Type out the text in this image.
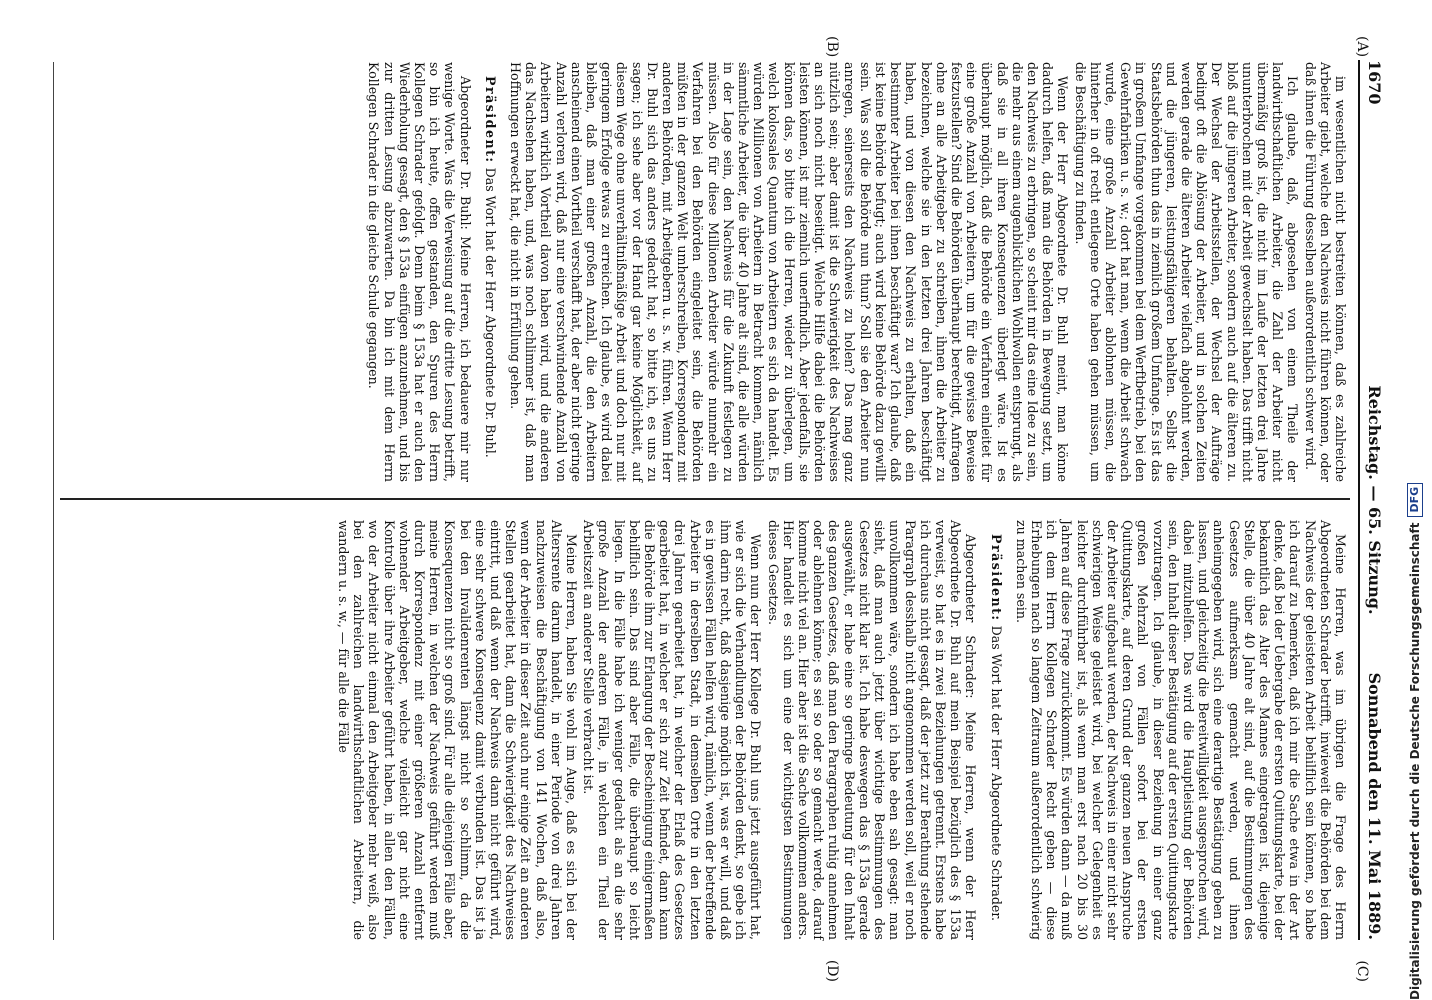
1670
Reichstag. — 65. Sitzung.
Sonnabend den 11. Mai 1889.
(A)
(B)
(C)
(D)

im wesentlichen nicht bestreiten können, daß es zahlreiche Arbeiter giebt, welche den Nachweis nicht führen können, oder daß ihnen die Führung desselben außerordentlich schwer wird.

Ich glaube, daß, abgesehen von einem Theile der landwirthschaftlichen Arbeiter, die Zahl der Arbeiter nicht übermäßig groß ist, die nicht im Laufe der letzten drei Jahre ununterbrochen mit der Arbeit gewechselt haben. Das trifft nicht bloß auf die jüngeren Arbeiter, sondern auch auf die älteren zu. Der Wechsel der Arbeitsstellen, der Wechsel der Aufträge bedingt oft die Ablösung der Arbeiter, und in solchen Zeiten werden gerade die älteren Arbeiter vielfach abgelohnt werden, und die jüngeren, leistungsfähigeren behalten. Selbst die Staatsbehörden thun das in ziemlich großem Umfange. Es ist das in großem Umfange vorgekommen bei dem Werftbetrieb, bei den Gewehrfabriken u. s. w.; dort hat man, wenn die Arbeit schwach wurde, eine große Anzahl Arbeiter ablohnen müssen, die hinterher in oft recht entlegene Orte haben gehen müssen, um die Beschäftigung zu finden.

Wenn der Herr Abgeordnete Dr. Buhl meint, man könne dadurch helfen, daß man die Behörden in Bewegung setzt, um den Nachweis zu erbringen, so scheint mir das eine Idee zu sein, die mehr aus einem augenblicklichen Wohlwollen entsprungt, als daß sie in all ihren Konsequenzen überlegt wäre. Ist es überhaupt möglich, daß die Behörde ein Verfahren einleitet für eine große Anzahl von Arbeitern, um für die gewisse Beweise festzustellen? Sind die Behörden überhaupt berechtigt, Anfragen ohne an alle Arbeitgeber zu schreiben, ihnen die Arbeiter zu bezeichnen, welche sie in den letzten drei Jahren beschäftigt haben, und von diesen den Nachweis zu erhalten, daß ein bestimmter Arbeiter bei ihnen beschäftigt war? Ich glaube, daß ist keine Behörde befugt; auch wird keine Behörde dazu gewillt sein. Was soll die Behörde nun thun? Soll sie den Arbeiter nun anregen, seinerseits den Nachweis zu holen? Das mag ganz nützlich sein; aber damit ist die Schwierigkeit des Nachweises an sich noch nicht beseitigt. Welche Hilfe dabei die Behörden leisten können, ist mir ziemlich unerfindlich. Aber jedenfalls, sie können das, so bitte ich die Herren, wieder zu überlegen, um welch kolossales Quantum von Arbeitern es sich da handelt. Es würden Millionen von Arbeitern in Betracht kommen, nämlich sämmtliche Arbeiter, die über 40 Jahre alt sind, die alle würden in der Lage sein, den Nachweis für die Zukunft festlegen zu müssen. Also für diese Millionen Arbeiter würde nunmehr ein Verfahren bei den Behörden eingeleitet sein, die Behörden müßten in der ganzen Welt umherschreiben, Korrespondenz mit anderen Behörden, mit Arbeitgebern u. s. w. führen. Wenn Herr Dr. Buhl sich das anders gedacht hat, so bitte ich, es uns zu sagen; ich sehe aber vor der Hand gar keine Möglichkeit, auf diesem Wege ohne unverhältnißmäßige Arbeit und doch nur mit geringem Erfolge etwas zu erreichen. Ich glaube, es wird dabei bleiben, daß man einer großen Anzahl, die den Arbeitern anscheinend einen Vortheil verschafft hat, der aber nicht geringe Anzahl verloren wird, daß nur eine verschwindende Anzahl von Arbeitern wirklich Vortheil davon haben wird, und die anderen das Nachsehen haben, und, was noch schlimmer ist, daß man Hoffnungen erweckt hat, die nicht in Erfüllung gehen.

Präsident: Das Wort hat der Herr Abgeordnete Dr. Buhl.

Abgeordneter Dr. Buhl: Meine Herren, ich bedauere mir nur wenige Worte. Was die Verweisung auf die dritte Lesung betrifft, so bin ich heute, offen gestanden, den Spuren des Herrn Kollegen Schrader gefolgt. Denn beim § 153a hat er auch den Wiederholung gesagt, den § 153a einfügen anzunehmen, und bis zur dritten Lesung abzuwarten. Da bin ich mit dem Herrn Kollegen Schrader in die gleiche Schule gegangen.

Meine Herren, was im übrigen die Frage des Herrn Abgeordneten Schrader betrifft, inwieweit die Behörden bei dem Nachweis der geleisteten Arbeit behilflich sein können, so habe ich darauf zu bemerken, daß ich mir die Sache etwa in der Art denke, daß bei der Uebergabe der ersten Quittungskarte, bei der bekanntlich das Alter des Mannes eingetragen ist, diejenige Stelle, die über 40 Jahre alt sind, auf die Bestimmungen des Gesetzes aufmerksam gemacht werden, und ihnen anheimgegeben wird, sich eine derartige Bestätigung geben zu lassen, und gleichzeitig die Bereitwilligkeit ausgesprochen wird, dabei mitzuhelfen. Das wird die Hauptleistung der Behörden sein, den Inhalt dieser Bestätigung auf der ersten Quittungskarte vorzutragen. Ich glaube, in dieser Beziehung in einer ganz großen Mehrzahl von Fällen sofort bei der ersten Quittungskarte, auf deren Grund der ganzen neuen Anspruche der Arbeiter aufgebaut werden, der Nachweis in einer nicht sehr schwierigen Weise geleistet wird, bei welcher Gelegenheit es leichter durchführbar ist, als wenn man erst nach 20 bis 30 Jahren auf diese Frage zurückkommt. Es würden dann — da muß ich dem Herrn Kollegen Schrader Recht geben — diese Erhebungen nach so langem Zeitraum außerordentlich schwierig zu machen sein.

Präsident: Das Wort hat der Herr Abgeordnete Schrader.

Abgeordneter Schrader: Meine Herren, wenn der Herr Abgeordnete Dr. Buhl auf mein Beispiel bezüglich des § 153a verweist, so hat es in zwei Beziehungen getrennt. Erstens habe ich durchaus nicht gesagt, daß der jetzt zur Berathung stehende Paragraph desshalb nicht angenommen werden soll, weil er noch unvollkommen wäre, sondern ich habe eben sah gesagt: man sieht, daß man auch jetzt über wichtige Bestimmungen des Gesetzes nicht klar ist. Ich habe deswegen das § 153a gerade ausgewählt, er habe eine so geringe Bedeutung für den Inhalt des ganzen Gesetzes, daß man den Paragraphen ruhig annehmen oder ablehnen könne; es sei so oder so gemacht werde, darauf komme nicht viel an. Hier aber ist die Sache vollkommen anders. Hier handelt es sich um eine der wichtigsten Bestimmungen dieses Gesetzes.

Wenn nun der Herr Kollege Dr. Buhl uns jetzt ausgeführt hat, wie er sich die Verhandlungen der Behörden denkt, so gebe ich ihm darin recht, daß dasjenige möglich ist, was er will, und daß es in gewissen Fällen helfen wird, nämlich, wenn der betreffende Arbeiter in derselben Stadt, in demselben Orte in den letzten drei Jahren gearbeitet hat, in welcher der Erlaß des Gesetzes gearbeitet hat, in welcher er sich zur Zeit befindet, dann kann die Behörde ihm zur Erlangung der Bescheinigung einigermaßen behilflich sein. Das sind aber Fälle, die überhaupt so leicht liegen. In die Fälle habe ich weniger gedacht als an die sehr große Anzahl der anderen Fälle, in welchen ein Theil der Arbeitszeit an anderer Stelle verbracht ist.

Meine Herren, haben Sie wohl im Auge, daß es sich bei der Altersrente darum handelt, in einer Periode von drei Jahren nachzuweisen die Beschäftigung von 141 Wochen, daß also, wenn der Arbeiter in dieser Zeit auch nur einige Zeit an anderen Stellen gearbeitet hat, dann die Schwierigkeit des Nachweises eintritt, und daß wenn der Nachweis dann nicht geführt wird, eine sehr schwere Konsequenz damit verbunden ist. Das ist ja bei den Invalidenrenten längst nicht so schlimm, da die Konsequenzen nicht so groß sind. Für alle diejenigen Fälle aber, meine Herren, in welchen der Nachweis geführt werden muß durch Korrespondenz mit einer größeren Anzahl entfernt wohnender Arbeitgeber, welche vielleicht gar nicht eine Kontrolle über ihre Arbeiter geführt haben, in allen den Fällen, wo der Arbeiter nicht einmal den Arbeitgeber mehr weiß, also bei den zahlreichen landwirthschaftlichen Arbeitern, die wandern u. s. w., — für alle die Fälle	Digitalisierung gefördert durch die Deutsche Forschungsgemeinschaft
DFG
